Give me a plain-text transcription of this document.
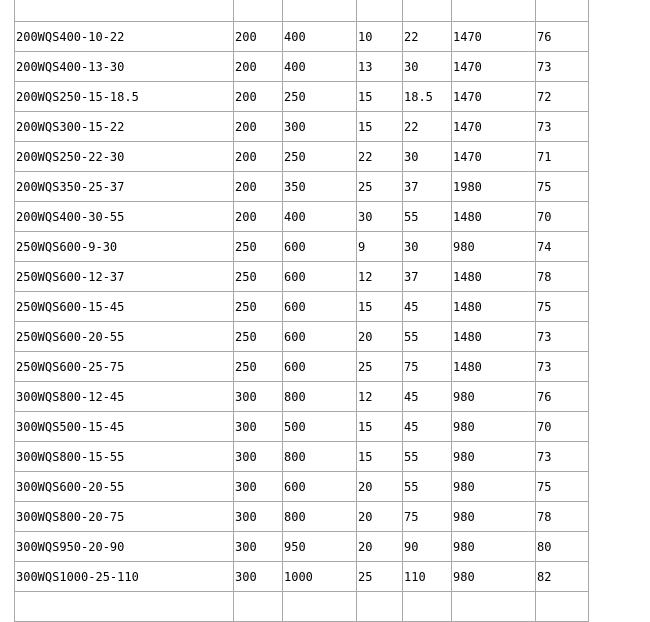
200WQS400-10-22	200	400	10	22	1470	76
200WQS400-13-30	200	400	13	30	1470	73
200WQS250-15-18.5	200	250	15	18.5	1470	72
200WQS300-15-22	200	300	15	22	1470	73
200WQS250-22-30	200	250	22	30	1470	71
200WQS350-25-37	200	350	25	37	1980	75
200WQS400-30-55	200	400	30	55	1480	70
250WQS600-9-30	250	600	9	30	980	74
250WQS600-12-37	250	600	12	37	1480	78
250WQS600-15-45	250	600	15	45	1480	75
250WQS600-20-55	250	600	20	55	1480	73
250WQS600-25-75	250	600	25	75	1480	73
300WQS800-12-45	300	800	12	45	980	76
300WQS500-15-45	300	500	15	45	980	70
300WQS800-15-55	300	800	15	55	980	73
300WQS600-20-55	300	600	20	55	980	75
300WQS800-20-75	300	800	20	75	980	78
300WQS950-20-90	300	950	20	90	980	80
300WQS1000-25-110	300	1000	25	110	980	82
